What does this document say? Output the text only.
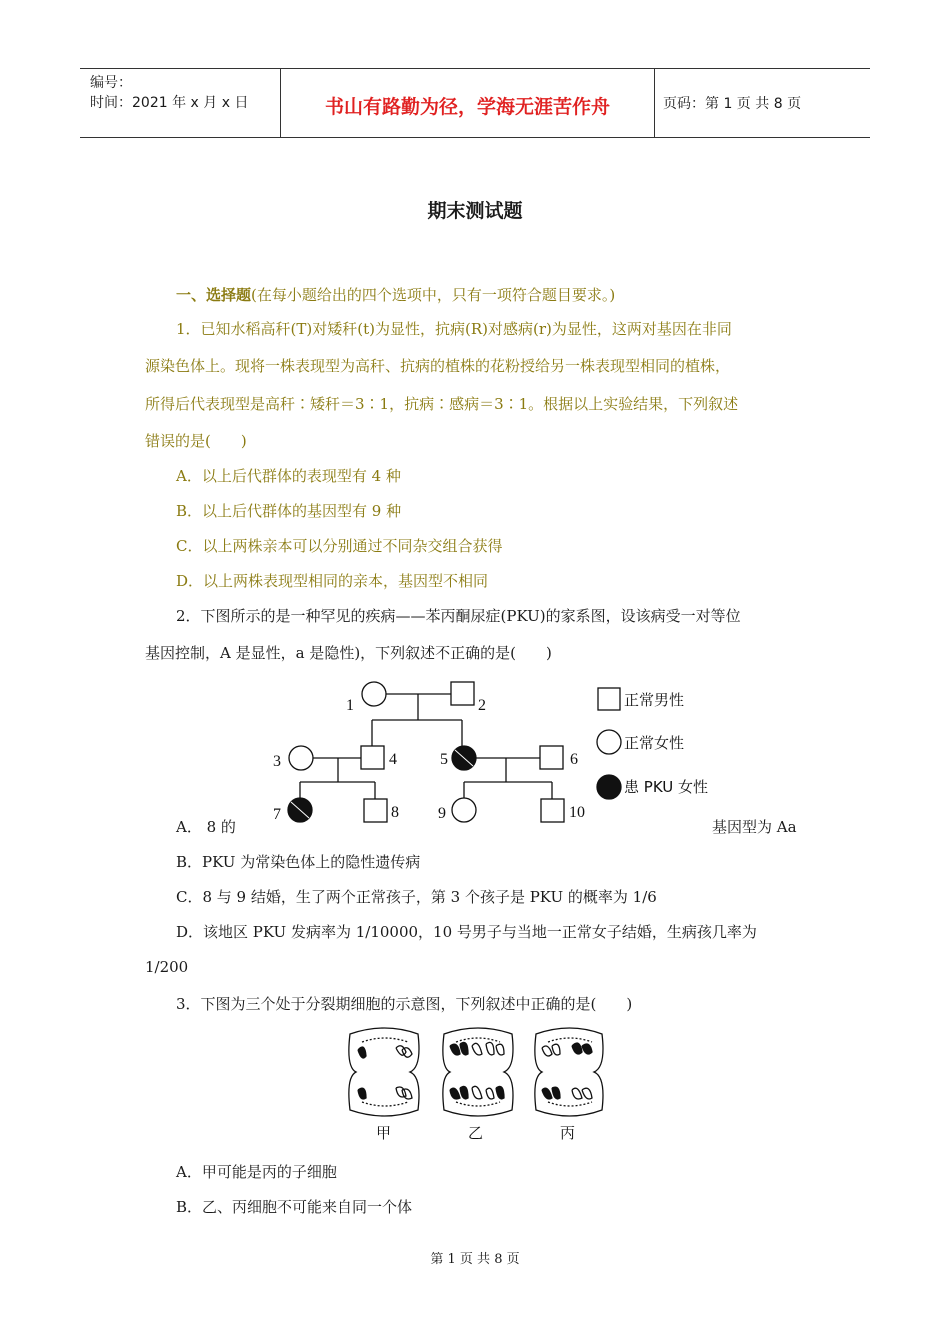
编号：
时间：2021 年 x 月 x 日	书山有路勤为径，学海无涯苦作舟	页码：第 1 页 共 8 页
期末测试题
一、选择题(在每小题给出的四个选项中，只有一项符合题目要求。)
1．已知水稻高秆(T)对矮秆(t)为显性，抗病(R)对感病(r)为显性，这两对基因在非同
源染色体上。现将一株表现型为高秆、抗病的植株的花粉授给另一株表现型相同的植株，
所得后代表现型是高秆∶矮秆＝3∶1，抗病∶感病＝3∶1。根据以上实验结果，下列叙述
错误的是(　　)
A．以上后代群体的表现型有 4 种
B．以上后代群体的基因型有 9 种
C．以上两株亲本可以分别通过不同杂交组合获得
D．以上两株表现型相同的亲本，基因型不相同
2．下图所示的是一种罕见的疾病——苯丙酮尿症(PKU)的家系图，设该病受一对等位
基因控制，A 是显性，a 是隐性)，下列叙述不正确的是(　　)
1	2
3	4	5	6
7	8 9	10
正常男性
正常女性
患 PKU 女性
A． 8 的	基因型为 Aa
B．PKU 为常染色体上的隐性遗传病
C．8 与 9 结婚，生了两个正常孩子，第 3 个孩子是 PKU 的概率为 1/6
D．该地区 PKU 发病率为 1/10000，10 号男子与当地一正常女子结婚，生病孩几率为
1/200
3．下图为三个处于分裂期细胞的示意图，下列叙述中正确的是(　　)
甲	乙	丙
A．甲可能是丙的子细胞
B．乙、丙细胞不可能来自同一个体
第 1 页 共 8 页
